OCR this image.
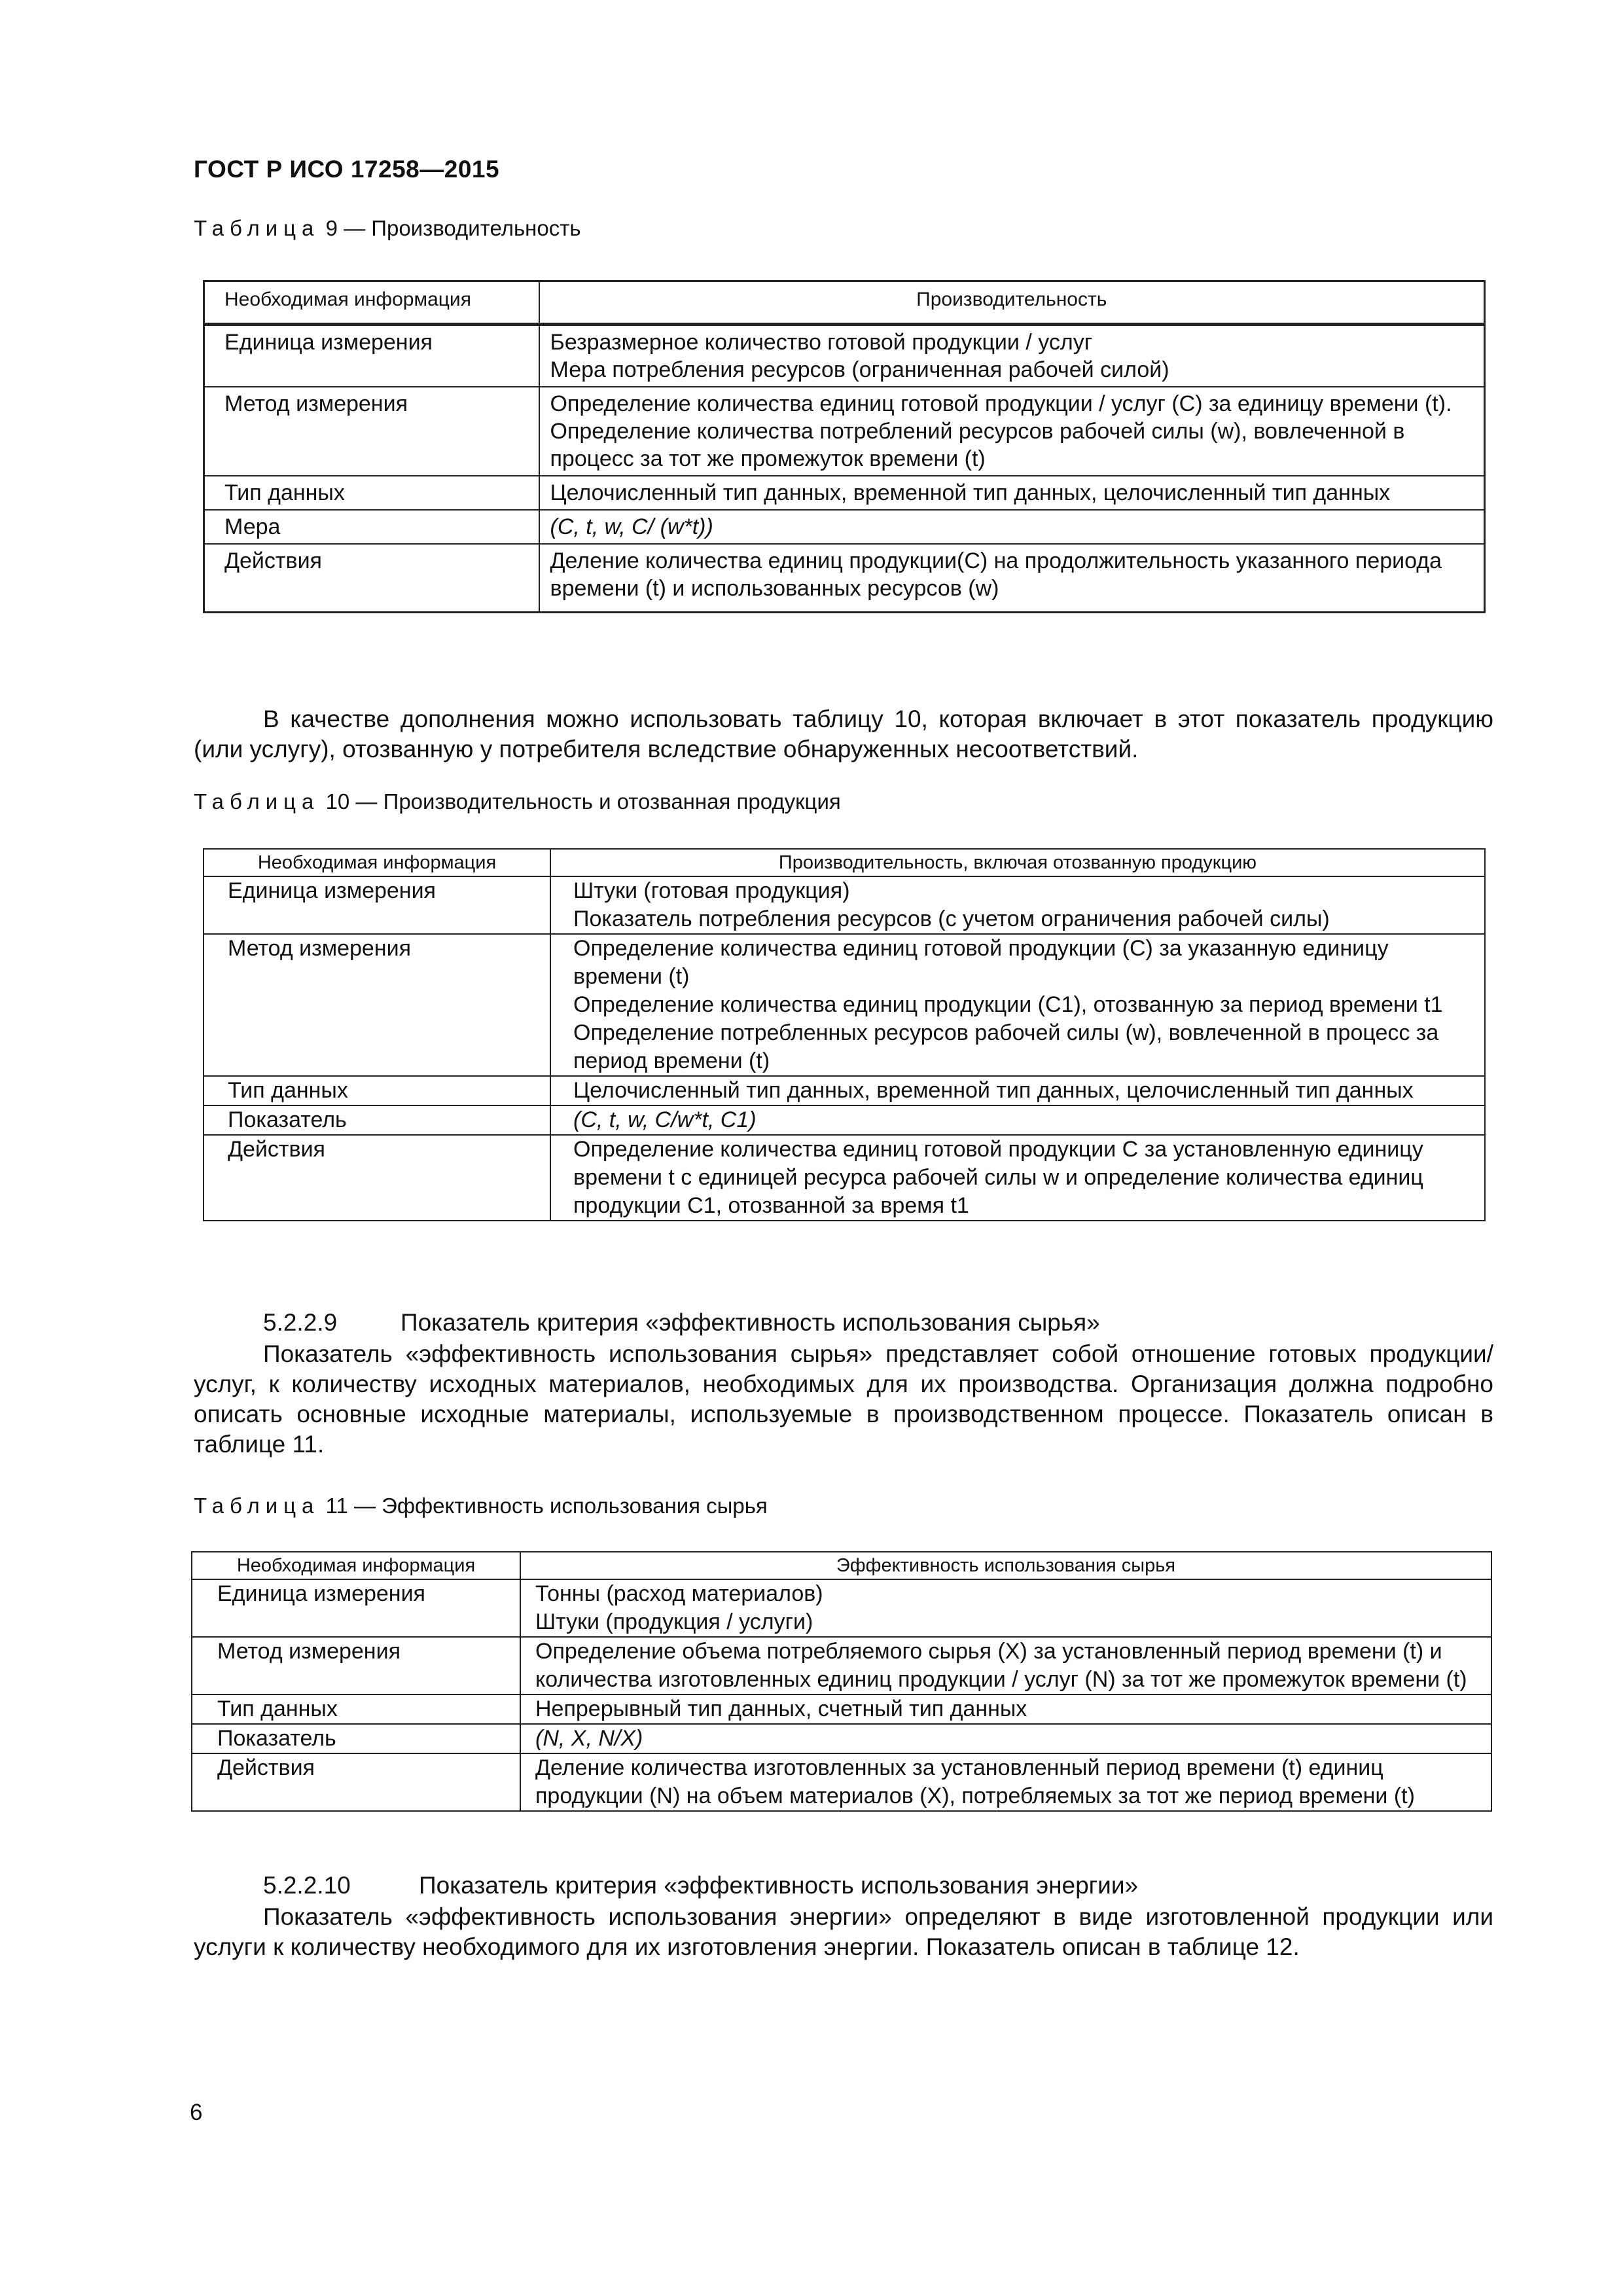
ГОСТ Р ИСО 17258—2015
Таблица 9 — Производительность
Необходимая информация	Производительность
Единица измерения	Безразмерное количество готовой продукции / услуг
Мера потребления ресурсов (ограниченная рабочей силой)

Метод измерения	Определение количества единиц готовой продукции / услуг (C) за единицу времени (t).
Определение количества потреблений ресурсов рабочей силы (w), вовлеченной в процесс за тот же промежуток времени (t)

Тип данных	Целочисленный тип данных, временной тип данных, целочисленный тип данных
Мера	(C, t, w, C/ (w*t))
Действия	Деление количества единиц продукции(C) на продолжительность указанного периода времени (t) и использованных ресурсов (w)

В качестве дополнения можно использовать таблицу 10, которая включает в этот показатель продукцию (или услугу), отозванную у потребителя вследствие обнаруженных несоответствий.

Таблица 10 — Производительность и отозванная продукция
Необходимая информация	Производительность, включая отозванную продукцию
Единица измерения	Штуки (готовая продукция)
Показатель потребления ресурсов (с учетом ограничения рабочей силы)

Метод измерения	Определение количества единиц готовой продукции (C) за указанную единицу времени (t)
Определение количества единиц продукции (C1), отозванную за период времени t1
Определение потребленных ресурсов рабочей силы (w), вовлеченной в процесс за период времени (t)

Тип данных	Целочисленный тип данных, временной тип данных, целочисленный тип данных
Показатель	(C, t, w, C/w*t, C1)
Действия	Определение количества единиц готовой продукции C за установленную единицу времени t с единицей ресурса рабочей силы w и определение количества единиц продукции C1, отозванной за время t1
5.2.2.9	Показатель критерия «эффективность использования сырья»

Показатель «эффективность использования сырья» представляет собой отношение готовых продукции/услуг, к количеству исходных материалов, необходимых для их производства. Организация должна подробно описать основные исходные материалы, используемые в производственном процессе. Показатель описан в таблице 11.

Таблица 11 — Эффективность использования сырья
Необходимая информация	Эффективность использования сырья
Единица измерения	Тонны (расход материалов)
Штуки (продукция / услуги)

Метод измерения	Определение объема потребляемого сырья (X) за установленный период времени (t) и количества изготовленных единиц продукции / услуг (N) за тот же промежуток времени (t)
Тип данных	Непрерывный тип данных, счетный тип данных
Показатель	(N, X, N/X)
Действия	Деление количества изготовленных за установленный период времени (t) единиц продукции (N) на объем материалов (X), потребляемых за тот же период времени (t)
5.2.2.10	Показатель критерия «эффективность использования энергии»

Показатель «эффективность использования энергии» определяют в виде изготовленной продукции или услуги к количеству необходимого для их изготовления энергии. Показатель описан в таблице 12.

6
